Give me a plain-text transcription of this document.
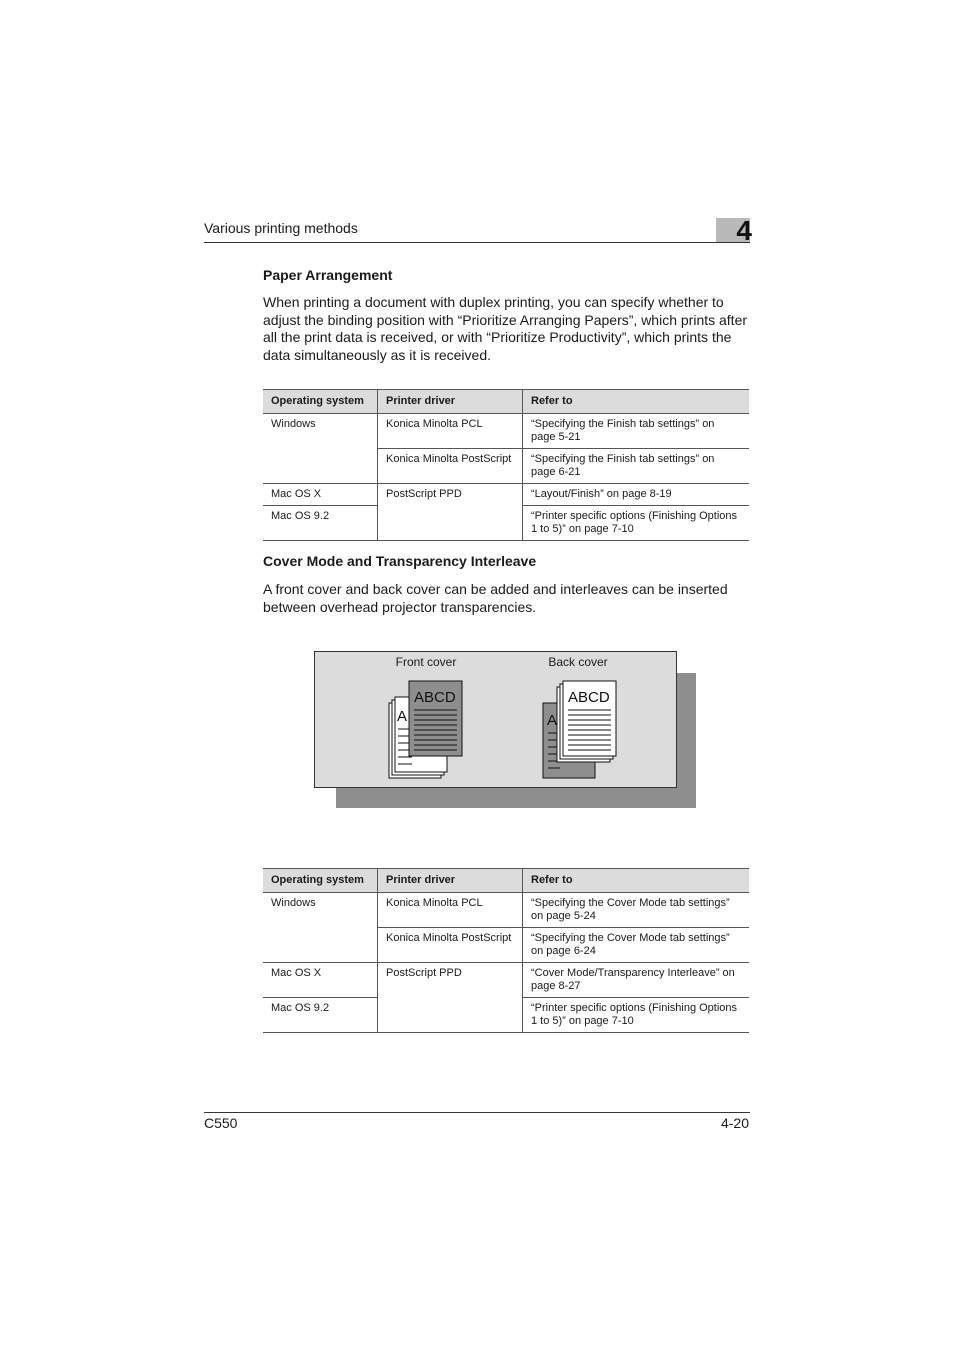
Various printing methods	4
Paper Arrangement

When printing a document with duplex printing, you can specify whether to adjust the binding position with “Prioritize Arranging Papers”, which prints after all the print data is received, or with “Prioritize Productivity”, which prints the data simultaneously as it is received.

Operating system	Printer driver	Refer to
Windows	Konica Minolta PCL	“Specifying the Finish tab settings” on page 5-21
	Konica Minolta PostScript	“Specifying the Finish tab settings” on page 6-21
Mac OS X	PostScript PPD	“Layout/Finish” on page 8-19
Mac OS 9.2		“Printer specific options (Finishing Options 1 to 5)” on page 7-10
Cover Mode and Transparency Interleave

A front cover and back cover can be added and interleaves can be inserted between overhead projector transparencies.

Front cover	Back cover
A
ABCD
A
ABCD
Operating system	Printer driver	Refer to
Windows	Konica Minolta PCL	“Specifying the Cover Mode tab settings” on page 5-24
	Konica Minolta PostScript	“Specifying the Cover Mode tab settings” on page 6-24
Mac OS X	PostScript PPD	“Cover Mode/Transparency Interleave” on page 8-27
Mac OS 9.2		“Printer specific options (Finishing Options 1 to 5)” on page 7-10
C550	4-20
